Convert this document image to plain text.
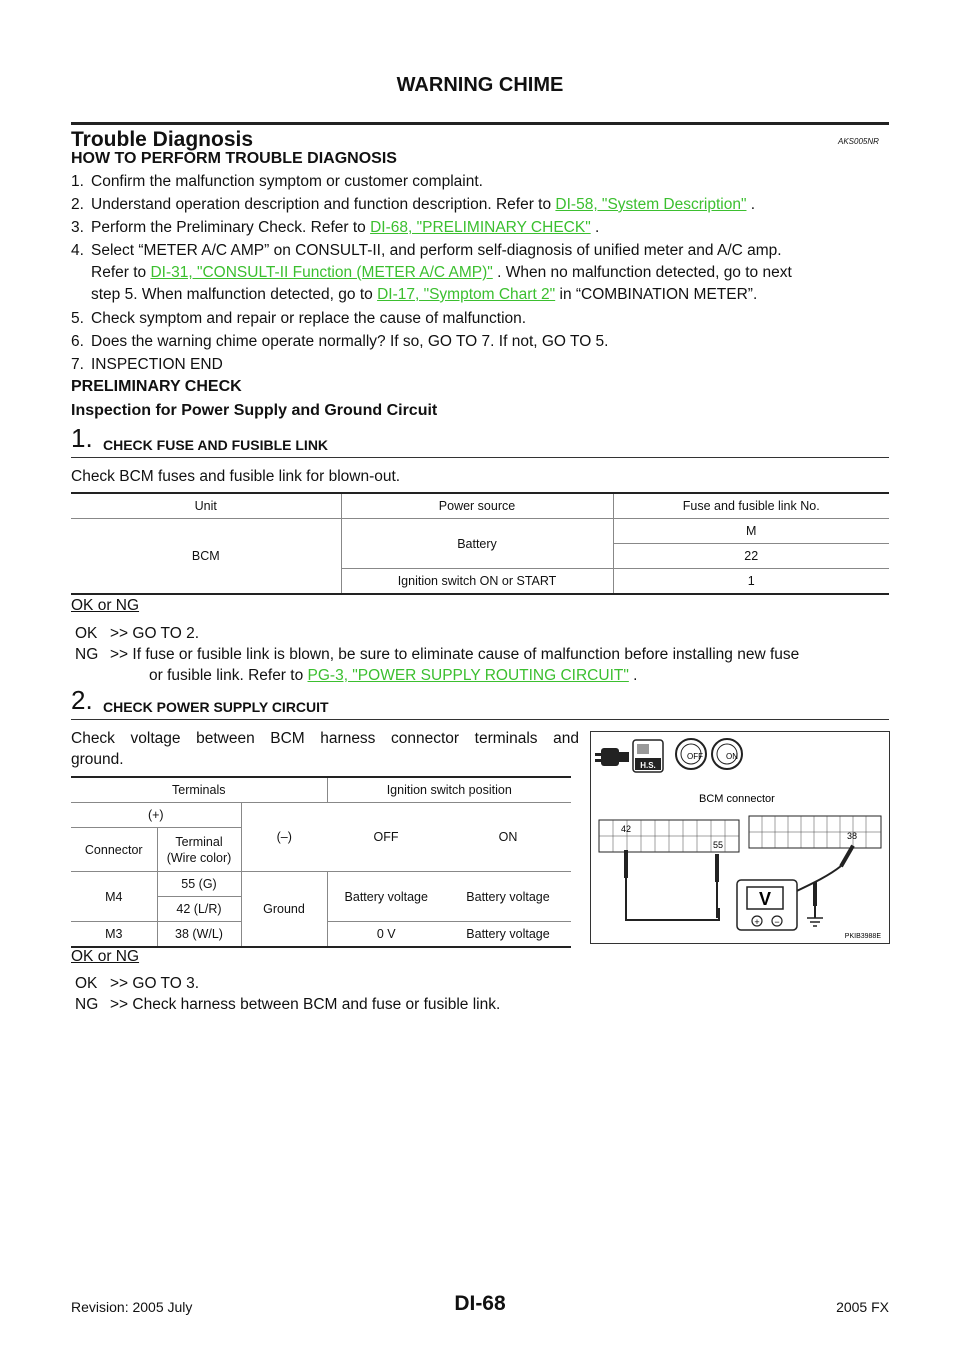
WARNING CHIME
Trouble Diagnosis	AKS005NR
HOW TO PERFORM TROUBLE DIAGNOSIS
1. Confirm the malfunction symptom or customer complaint.
2. Understand operation description and function description. Refer to DI-58, "System Description" .
3. Perform the Preliminary Check. Refer to DI-68, "PRELIMINARY CHECK" .
4. Select “METER A/C AMP” on CONSULT-II, and perform self-diagnosis of unified meter and A/C amp.
Refer to DI-31, "CONSULT-II Function (METER A/C AMP)" . When no malfunction detected, go to next
step 5. When malfunction detected, go to DI-17, "Symptom Chart 2" in “COMBINATION METER”.
5. Check symptom and repair or replace the cause of malfunction.
6. Does the warning chime operate normally? If so, GO TO 7. If not, GO TO 5.
7. INSPECTION END
PRELIMINARY CHECK
Inspection for Power Supply and Ground Circuit
1. CHECK FUSE AND FUSIBLE LINK
Check BCM fuses and fusible link for blown-out.
Unit	Power source	Fuse and fusible link No.
BCM	Battery	M
		22
	Ignition switch ON or START	1
OK or NG
OK >> GO TO 2.
NG >> If fuse or fusible link is blown, be sure to eliminate cause of malfunction before installing new fuse
or fusible link. Refer to PG-3, "POWER SUPPLY ROUTING CIRCUIT" .
2. CHECK POWER SUPPLY CIRCUIT
Check voltage between BCM harness connector terminals and
ground.
Terminals			Ignition switch position	
(+)		(–)	OFF	ON
Connector	Terminal
(Wire color)			
M4	55 (G)	Ground	Battery voltage	Battery voltage
	42 (L/R)			
M3	38 (W/L)		0 V	Battery voltage
OK or NG
OK >> GO TO 3.
NG >> Check harness between BCM and fuse or fusible link.
H.S.
OFF	ON
BCM connector
42
55
38
V
+ −
PKIB3988E
Revision: 2005 July	DI-68	2005 FX
